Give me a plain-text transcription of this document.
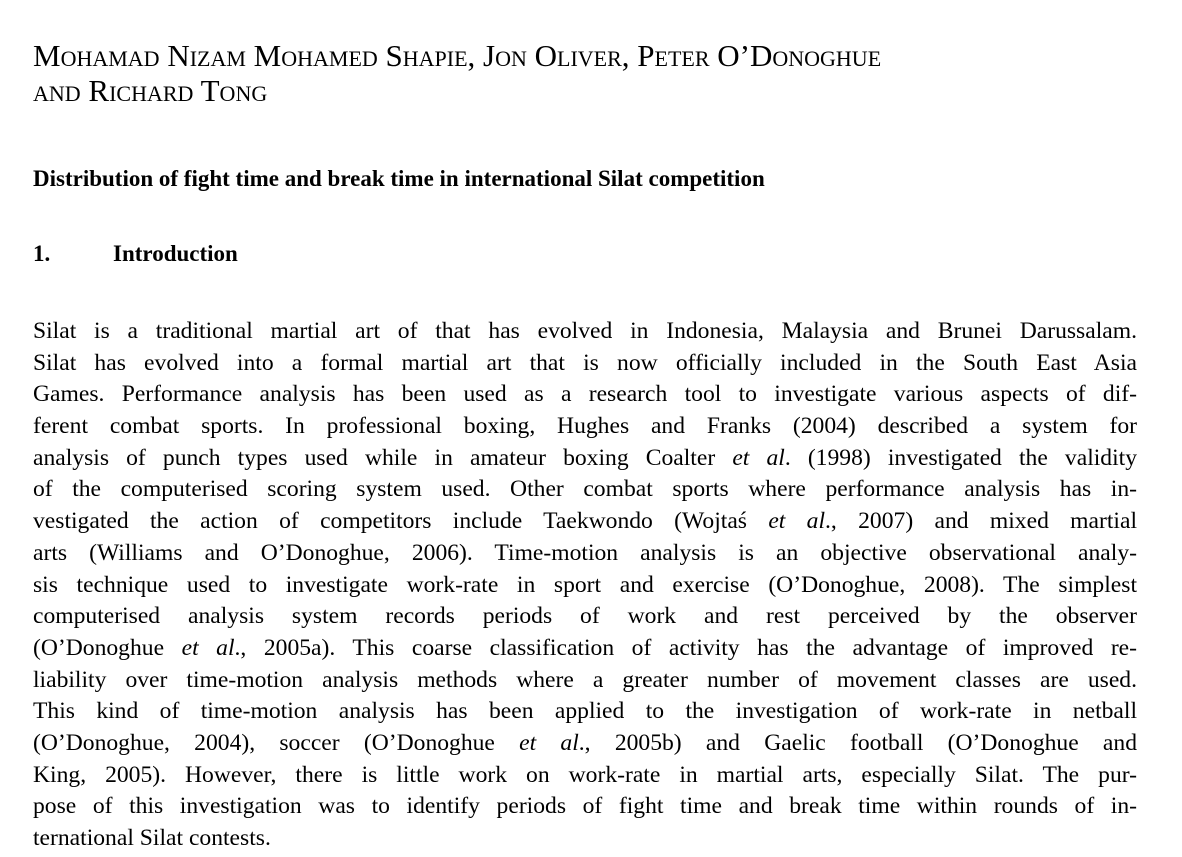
Mohamad Nizam Mohamed Shapie, Jon Oliver, Peter O’Donoghue
and Richard Tong
Distribution of fight time and break time in international Silat competition
1.	Introduction
Silat is a traditional martial art of that has evolved in Indonesia, Malaysia and Brunei Darussalam.
Silat has evolved into a formal martial art that is now officially included in the South East Asia
Games. Performance analysis has been used as a research tool to investigate various aspects of dif-
ferent combat sports. In professional boxing, Hughes and Franks (2004) described a system for
analysis of punch types used while in amateur boxing Coalter et al. (1998) investigated the validity
of the computerised scoring system used. Other combat sports where performance analysis has in-
vestigated the action of competitors include Taekwondo (Wojtaś et al., 2007) and mixed martial
arts (Williams and O’Donoghue, 2006). Time-motion analysis is an objective observational analy-
sis technique used to investigate work-rate in sport and exercise (O’Donoghue, 2008). The simplest
computerised analysis system records periods of work and rest perceived by the observer
(O’Donoghue et al., 2005a). This coarse classification of activity has the advantage of improved re-
liability over time-motion analysis methods where a greater number of movement classes are used.
This kind of time-motion analysis has been applied to the investigation of work-rate in netball
(O’Donoghue, 2004), soccer (O’Donoghue et al., 2005b) and Gaelic football (O’Donoghue and
King, 2005). However, there is little work on work-rate in martial arts, especially Silat. The pur-
pose of this investigation was to identify periods of fight time and break time within rounds of in-
ternational Silat contests.
